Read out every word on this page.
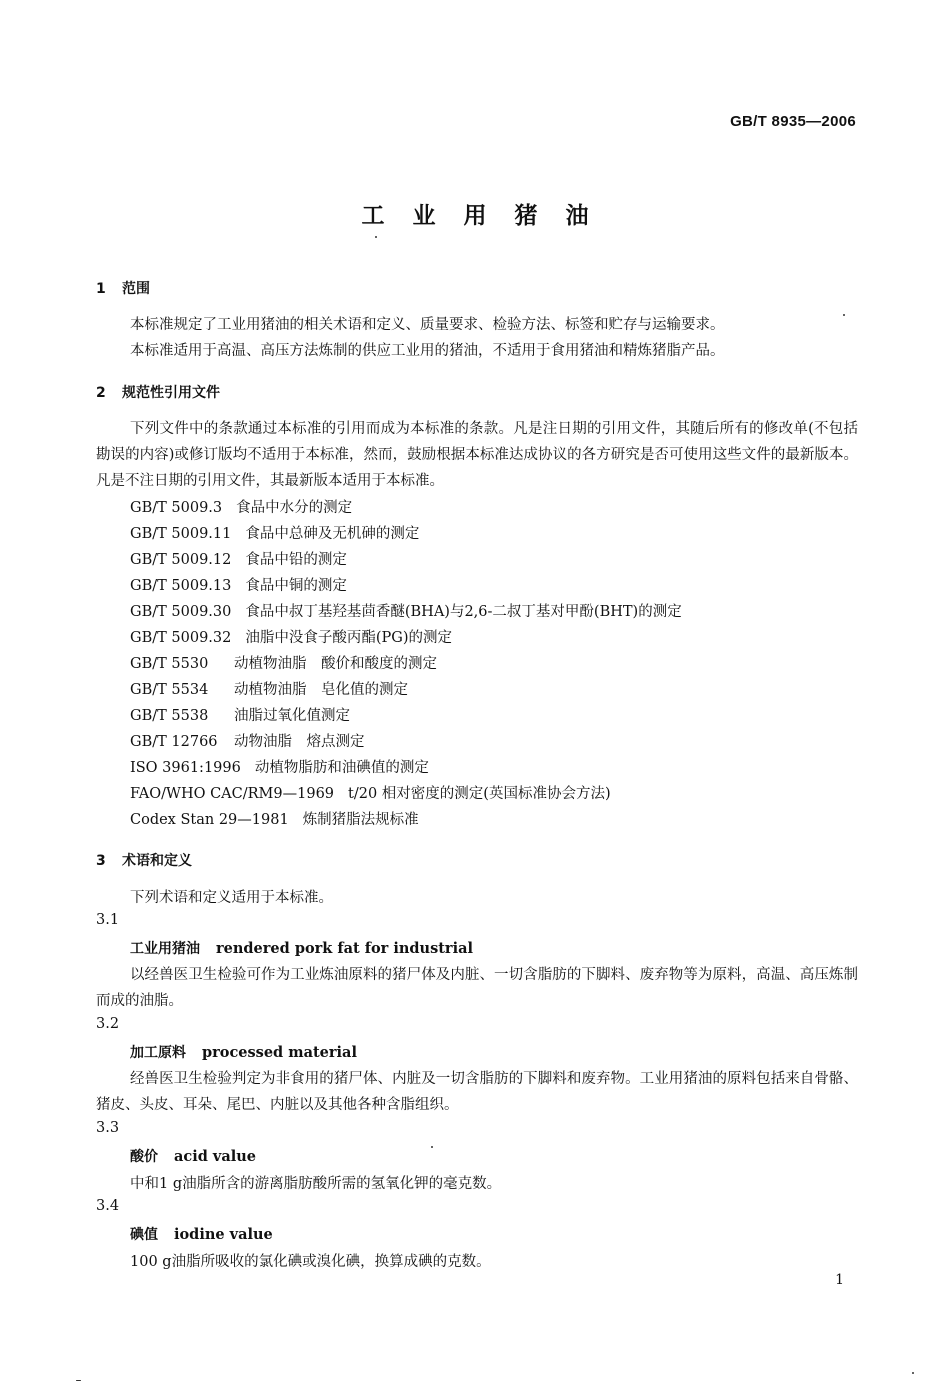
GB/T 8935—2006
工业用猪油
1 范围
本标准规定了工业用猪油的相关术语和定义、质量要求、检验方法、标签和贮存与运输要求。
本标准适用于高温、高压方法炼制的供应工业用的猪油，不适用于食用猪油和精炼猪脂产品。
2 规范性引用文件
下列文件中的条款通过本标准的引用而成为本标准的条款。凡是注日期的引用文件，其随后所有的修改单(不包括勘误的内容)或修订版均不适用于本标准，然而，鼓励根据本标准达成协议的各方研究是否可使用这些文件的最新版本。凡是不注日期的引用文件，其最新版本适用于本标准。
GB/T 5009.3 食品中水分的测定
GB/T 5009.11 食品中总砷及无机砷的测定
GB/T 5009.12 食品中铅的测定
GB/T 5009.13 食品中铜的测定
GB/T 5009.30 食品中叔丁基羟基茴香醚(BHA)与2,6-二叔丁基对甲酚(BHT)的测定
GB/T 5009.32 油脂中没食子酸丙酯(PG)的测定
GB/T 5530 动植物油脂　酸价和酸度的测定
GB/T 5534 动植物油脂　皂化值的测定
GB/T 5538 油脂过氧化值测定
GB/T 12766 动物油脂　熔点测定
ISO 3961:1996 动植物脂肪和油碘值的测定
FAO/WHO CAC/RM9—1969 t/20 相对密度的测定(英国标准协会方法)
Codex Stan 29—1981 炼制猪脂法规标准
3 术语和定义
下列术语和定义适用于本标准。
3.1
工业用猪油 rendered pork fat for industrial
以经兽医卫生检验可作为工业炼油原料的猪尸体及内脏、一切含脂肪的下脚料、废弃物等为原料，高温、高压炼制而成的油脂。
3.2
加工原料 processed material
经兽医卫生检验判定为非食用的猪尸体、内脏及一切含脂肪的下脚料和废弃物。工业用猪油的原料包括来自骨骼、猪皮、头皮、耳朵、尾巴、内脏以及其他各种含脂组织。
3.3
酸价 acid value
中和1 g油脂所含的游离脂肪酸所需的氢氧化钾的毫克数。
3.4
碘值 iodine value
100 g油脂所吸收的氯化碘或溴化碘，换算成碘的克数。
1
